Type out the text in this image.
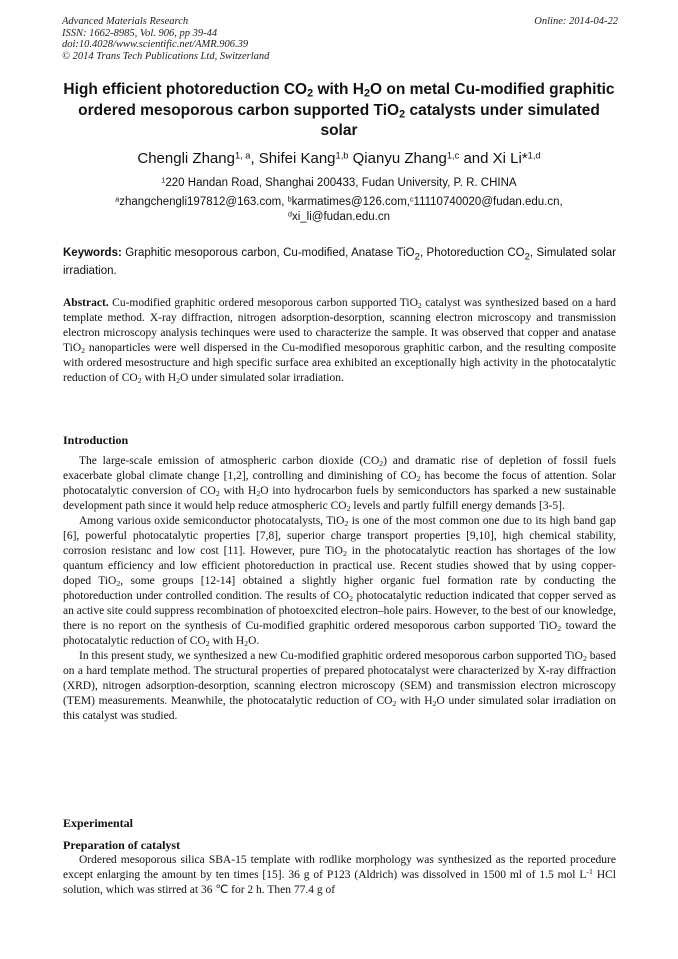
Advanced Materials Research
ISSN: 1662-8985, Vol. 906, pp 39-44
doi:10.4028/www.scientific.net/AMR.906.39
© 2014 Trans Tech Publications Ltd, Switzerland
Online: 2014-04-22
High efficient photoreduction $CO_2$ with $H_2O$ on metal Cu-modified graphitic ordered mesoporous carbon supported TiO$_2$ catalysts under simulated solar
Chengli Zhang$^{1, a}$, Shifei Kang$^{1,b}$ Qianyu Zhang$^{1,c}$ and Xi Li*$^{1,d}$
$^1$220 Handan Road, Shanghai 200433, Fudan University, P. R. CHINA
$^a$zhangchengli197812@163.com, $^b$karmatimes@126.com,$^c$11110740020@fudan.edu.cn,
$^d$xi_li@fudan.edu.cn
Keywords: Graphitic mesoporous carbon, Cu-modified, Anatase TiO$_2$, Photoreduction $CO_2$, Simulated solar irradiation.

Abstract. Cu-modified graphitic ordered mesoporous carbon supported TiO$_2$ catalyst was synthesized based on a hard template method. X-ray diffraction, nitrogen adsorption-desorption, scanning electron microscopy and transmission electron microscopy analysis techinques were used to characterize the sample. It was observed that copper and anatase TiO$_2$ nanoparticles were well dispersed in the Cu-modified mesoporous graphitic carbon, and the resulting composite with ordered mesostructure and high specific surface area exhibited an exceptionally high activity in the photocatalytic reduction of $CO_2$ with $H_2O$ under simulated solar irradiation.

Introduction

The large-scale emission of atmospheric carbon dioxide $(CO_2)$ and dramatic rise of depletion of fossil fuels exacerbate global climate change [1,2], controlling and diminishing of $CO_2$ has become the focus of attention. Solar photocatalytic conversion of $CO_2$ with $H_2O$ into hydrocarbon fuels by semiconductors has sparked a new sustainable development path since it would help reduce atmospheric $CO_2$ levels and partly fulfill energy demands [3-5].

Among various oxide semiconductor photocatalysts, TiO$_2$ is one of the most common one due to its high band gap [6], powerful photocatalytic properties [7,8], superior charge transport properties [9,10], high chemical stability, corrosion resistanc and low cost [11]. However, pure TiO$_2$ in the photocatalytic reaction has shortages of the low quantum efficiency and low efficient photoreduction in practical use. Recent studies showed that by using copper-doped TiO$_2$, some groups [12-14] obtained a slightly higher organic fuel formation rate by conducting the photoreduction under controlled condition. The results of $CO_2$ photocatalytic reduction indicated that copper served as an active site could suppress recombination of photoexcited electron–hole pairs. However, to the best of our knowledge, there is no report on the synthesis of Cu-modified graphitic ordered mesoporous carbon supported TiO$_2$ toward the photocatalytic reduction of $CO_2$ with $H_2O$.

In this present study, we synthesized a new Cu-modified graphitic ordered mesoporous carbon supported TiO$_2$ based on a hard template method. The structural properties of prepared photocatalyst were characterized by X-ray diffraction (XRD), nitrogen adsorption-desorption, scanning electron microscopy (SEM) and transmission electron microscopy (TEM) measurements. Meanwhile, the photocatalytic reduction of $CO_2$ with $H_2O$ under simulated solar irradiation on this catalyst was studied.

Experimental
Preparation of catalyst

Ordered mesoporous silica SBA-15 template with rodlike morphology was synthesized as the reported procedure except enlarging the amount by ten times [15]. 36 g of P123 (Aldrich) was dissolved in 1500 ml of 1.5 mol $L^{-1}$ HCl solution, which was stirred at 36 ℃ for 2 h. Then 77.4 g of
